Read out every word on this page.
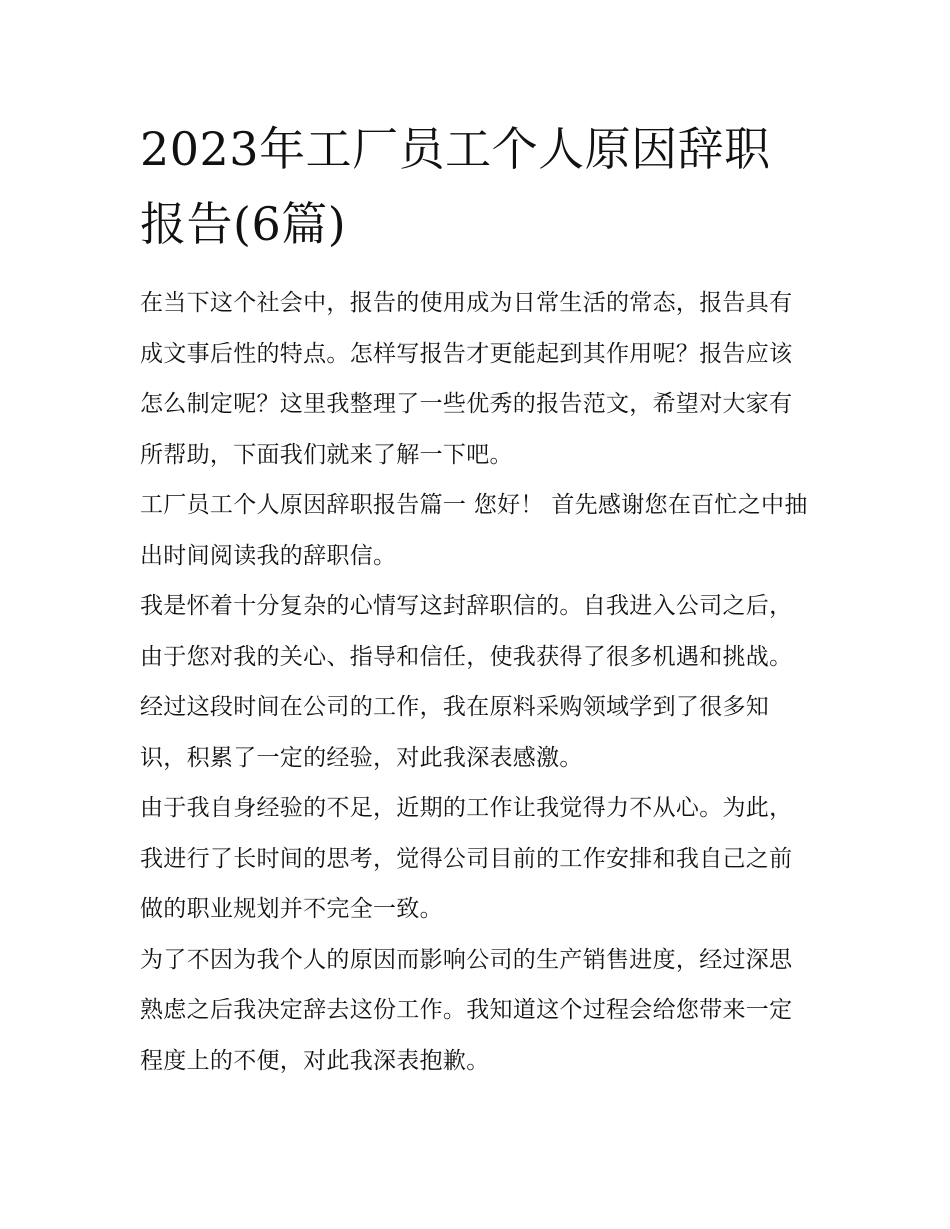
2023年工厂员工个人原因辞职报告(6篇)

在当下这个社会中，报告的使用成为日常生活的常态，报告具有成文事后性的特点。怎样写报告才更能起到其作用呢？报告应该怎么制定呢？这里我整理了一些优秀的报告范文，希望对大家有所帮助，下面我们就来了解一下吧。

工厂员工个人原因辞职报告篇一 您好！ 首先感谢您在百忙之中抽出时间阅读我的辞职信。

我是怀着十分复杂的心情写这封辞职信的。自我进入公司之后，由于您对我的关心、指导和信任，使我获得了很多机遇和挑战。经过这段时间在公司的工作，我在原料采购领域学到了很多知识，积累了一定的经验，对此我深表感激。

由于我自身经验的不足，近期的工作让我觉得力不从心。为此，我进行了长时间的思考，觉得公司目前的工作安排和我自己之前做的职业规划并不完全一致。

为了不因为我个人的原因而影响公司的生产销售进度，经过深思熟虑之后我决定辞去这份工作。我知道这个过程会给您带来一定程度上的不便，对此我深表抱歉。
